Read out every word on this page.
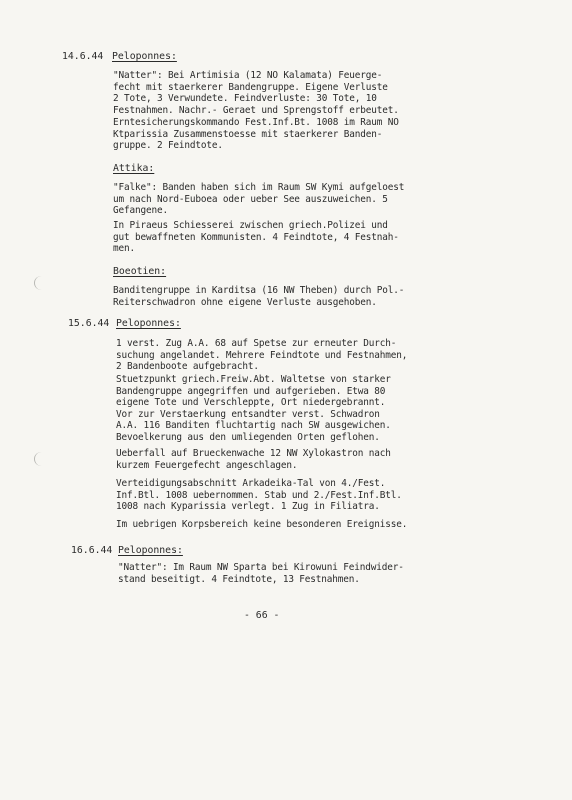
14.6.44 Peloponnes:
"Natter": Bei Artimisia (12 NO Kalamata) Feuerge-
fecht mit staerkerer Bandengruppe. Eigene Verluste
2 Tote, 3 Verwundete. Feindverluste: 30 Tote, 10
Festnahmen. Nachr.- Geraet und Sprengstoff erbeutet.
Erntesicherungskommando Fest.Inf.Bt. 1008 im Raum NO
Ktparissia Zusammenstoesse mit staerkerer Banden-
gruppe. 2 Feindtote.
Attika:
"Falke": Banden haben sich im Raum SW Kymi aufgeloest
um nach Nord-Euboea oder ueber See auszuweichen. 5
Gefangene.
In Piraeus Schiesserei zwischen griech.Polizei und
gut bewaffneten Kommunisten. 4 Feindtote, 4 Festnah-
men.
Boeotien:
Banditengruppe in Karditsa (16 NW Theben) durch Pol.-
Reiterschwadron ohne eigene Verluste ausgehoben.
15.6.44 Peloponnes:
1 verst. Zug A.A. 68 auf Spetse zur erneuter Durch-
suchung angelandet. Mehrere Feindtote und Festnahmen,
2 Bandenboote aufgebracht.
Stuetzpunkt griech.Freiw.Abt. Waltetse von starker
Bandengruppe angegriffen und aufgerieben. Etwa 80
eigene Tote und Verschleppte, Ort niedergebrannt.
Vor zur Verstaerkung entsandter verst. Schwadron
A.A. 116 Banditen fluchtartig nach SW ausgewichen.
Bevoelkerung aus den umliegenden Orten geflohen.
Ueberfall auf Brueckenwache 12 NW Xylokastron nach
kurzem Feuergefecht angeschlagen.
Verteidigungsabschnitt Arkadeika-Tal von 4./Fest.
Inf.Btl. 1008 uebernommen. Stab und 2./Fest.Inf.Btl.
1008 nach Kyparissia verlegt. 1 Zug in Filiatra.
Im uebrigen Korpsbereich keine besonderen Ereignisse.
16.6.44 Peloponnes:
"Natter": Im Raum NW Sparta bei Kirowuni Feindwider-
stand beseitigt. 4 Feindtote, 13 Festnahmen.
- 66 -
